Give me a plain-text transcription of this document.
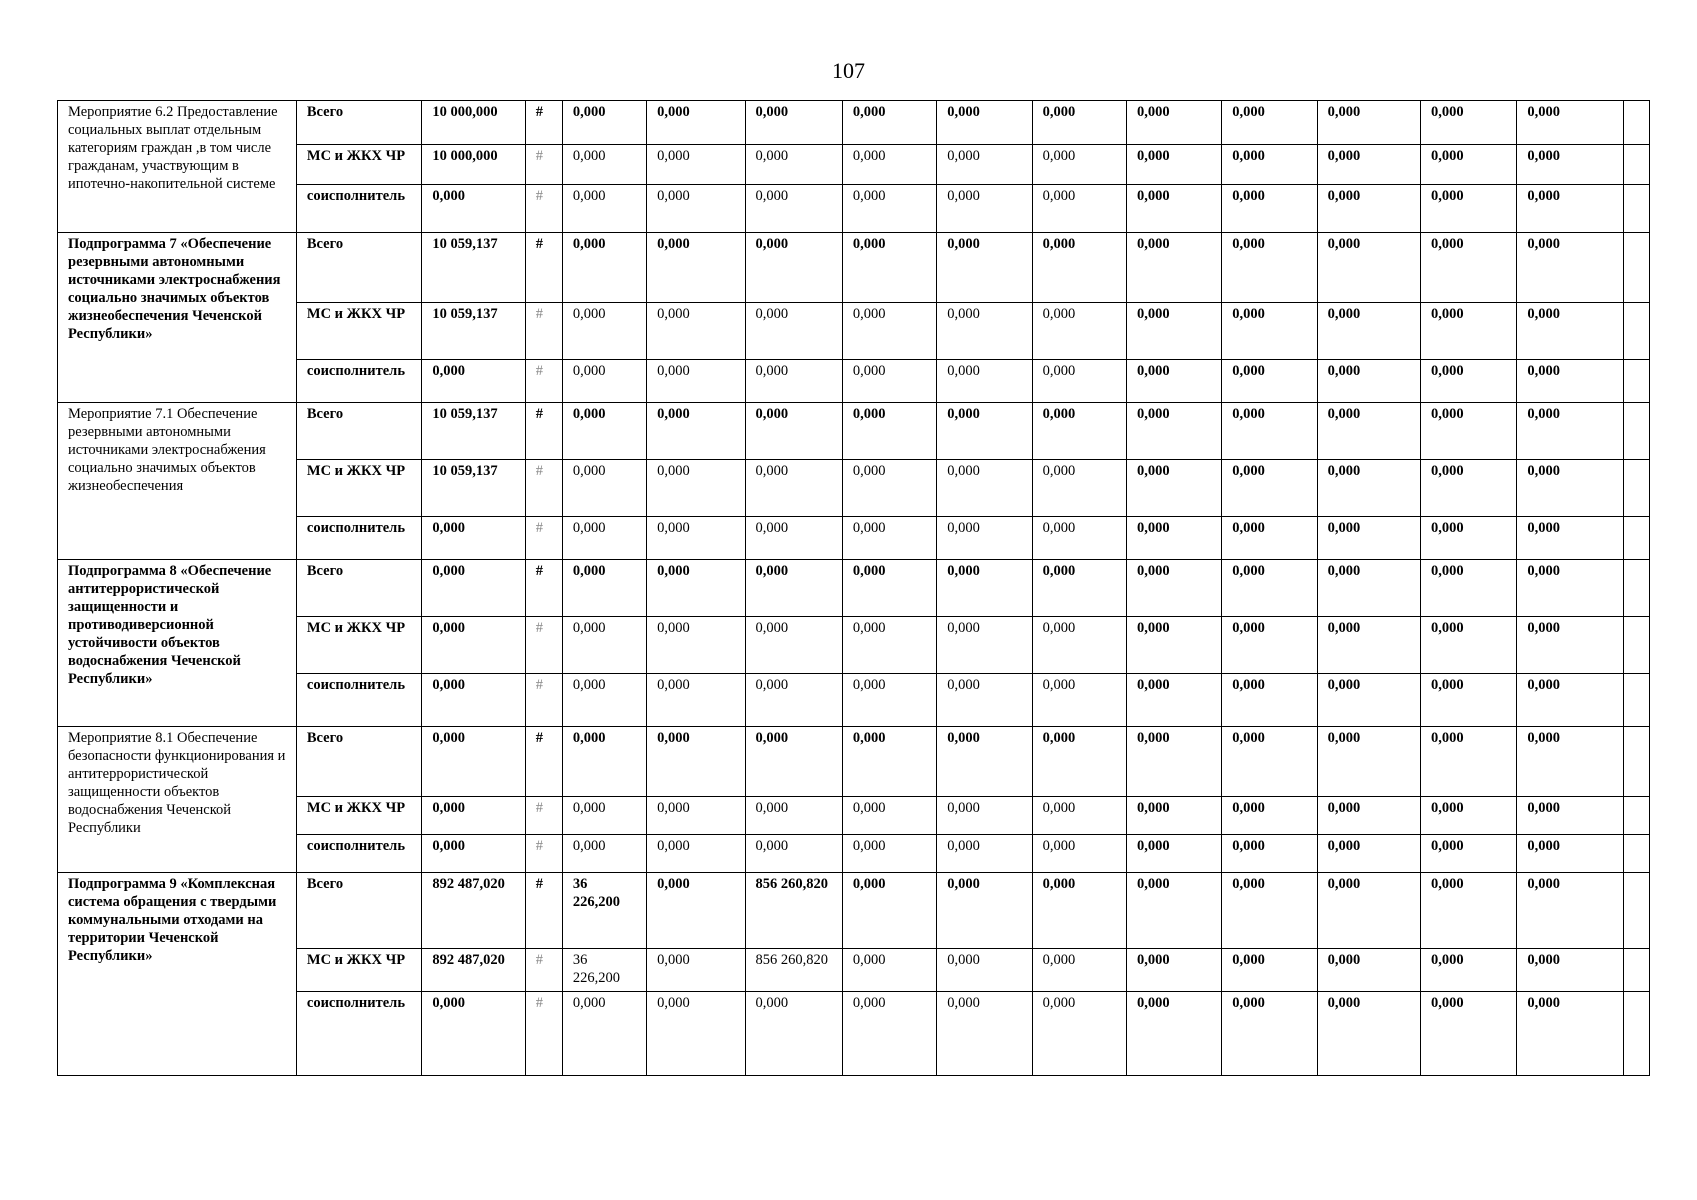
107
Мероприятие 6.2 Предоставление социальных выплат отдельным категориям граждан ,в том числе гражданам, участвующим в ипотечно-накопительной системе	Всего	10 000,000	#	0,000	0,000	0,000	0,000	0,000	0,000	0,000	0,000	0,000	0,000	0,000	
	МС и ЖКХ ЧР	10 000,000	#	0,000	0,000	0,000	0,000	0,000	0,000	0,000	0,000	0,000	0,000	0,000	
	соисполнитель	0,000	#	0,000	0,000	0,000	0,000	0,000	0,000	0,000	0,000	0,000	0,000	0,000	
Подпрограмма 7 «Обеспечение резервными автономными источниками электроснабжения социально значимых объектов жизнеобеспечения Чеченской Республики»	Всего	10 059,137	#	0,000	0,000	0,000	0,000	0,000	0,000	0,000	0,000	0,000	0,000	0,000	
	МС и ЖКХ ЧР	10 059,137	#	0,000	0,000	0,000	0,000	0,000	0,000	0,000	0,000	0,000	0,000	0,000	
	соисполнитель	0,000	#	0,000	0,000	0,000	0,000	0,000	0,000	0,000	0,000	0,000	0,000	0,000	
Мероприятие 7.1 Обеспечение резервными автономными источниками электроснабжения социально значимых объектов жизнеобеспечения	Всего	10 059,137	#	0,000	0,000	0,000	0,000	0,000	0,000	0,000	0,000	0,000	0,000	0,000	
	МС и ЖКХ ЧР	10 059,137	#	0,000	0,000	0,000	0,000	0,000	0,000	0,000	0,000	0,000	0,000	0,000	
	соисполнитель	0,000	#	0,000	0,000	0,000	0,000	0,000	0,000	0,000	0,000	0,000	0,000	0,000	
Подпрограмма 8 «Обеспечение антитеррористической защищенности и противодиверсионной устойчивости объектов водоснабжения Чеченской Республики»	Всего	0,000	#	0,000	0,000	0,000	0,000	0,000	0,000	0,000	0,000	0,000	0,000	0,000	
	МС и ЖКХ ЧР	0,000	#	0,000	0,000	0,000	0,000	0,000	0,000	0,000	0,000	0,000	0,000	0,000	
	соисполнитель	0,000	#	0,000	0,000	0,000	0,000	0,000	0,000	0,000	0,000	0,000	0,000	0,000	
Мероприятие 8.1 Обеспечение безопасности функционирования и антитеррористической защищенности объектов водоснабжения Чеченской Республики	Всего	0,000	#	0,000	0,000	0,000	0,000	0,000	0,000	0,000	0,000	0,000	0,000	0,000	
	МС и ЖКХ ЧР	0,000	#	0,000	0,000	0,000	0,000	0,000	0,000	0,000	0,000	0,000	0,000	0,000	
	соисполнитель	0,000	#	0,000	0,000	0,000	0,000	0,000	0,000	0,000	0,000	0,000	0,000	0,000	
Подпрограмма 9 «Комплексная система обращения с твердыми коммунальными отходами на территории Чеченской Республики»	Всего	892 487,020	#	36 226,200	0,000	856 260,820	0,000	0,000	0,000	0,000	0,000	0,000	0,000	0,000	
	МС и ЖКХ ЧР	892 487,020	#	36 226,200	0,000	856 260,820	0,000	0,000	0,000	0,000	0,000	0,000	0,000	0,000	
	соисполнитель	0,000	#	0,000	0,000	0,000	0,000	0,000	0,000	0,000	0,000	0,000	0,000	0,000	
